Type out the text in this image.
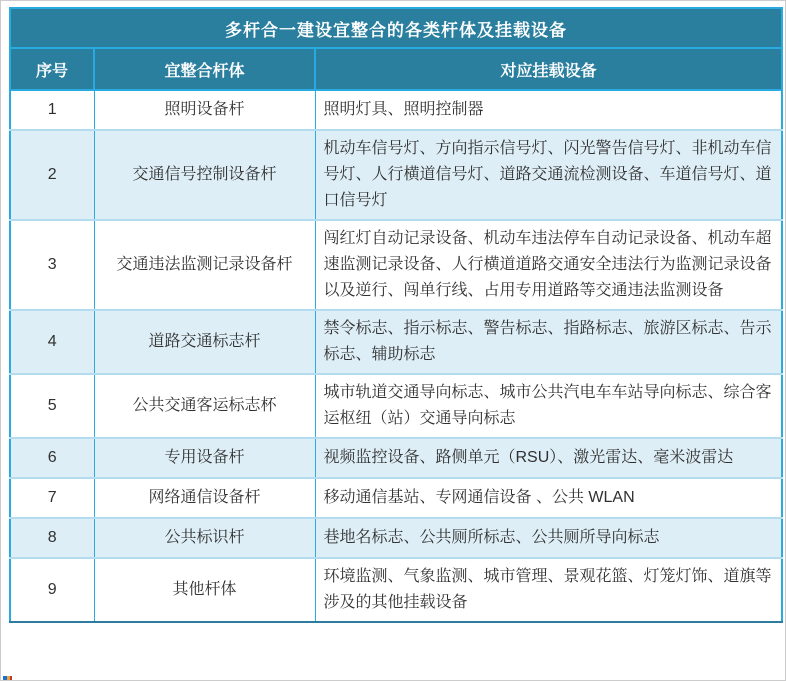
多杆合一建设宜整合的各类杆体及挂载设备		
序号	宜整合杆体	对应挂载设备
1	照明设备杆	照明灯具、照明控制器
2	交通信号控制设备杆	机动车信号灯、方向指示信号灯、闪光警告信号灯、非机动车信号灯、人行横道信号灯、道路交通流检测设备、车道信号灯、道口信号灯
3	交通违法监测记录设备杆	闯红灯自动记录设备、机动车违法停车自动记录设备、机动车超速监测记录设备、人行横道道路交通安全违法行为监测记录设备以及逆行、闯单行线、占用专用道路等交通违法监测设备
4	道路交通标志杆	禁令标志、指示标志、警告标志、指路标志、旅游区标志、告示标志、辅助标志
5	公共交通客运标志杯	城市轨道交通导向标志、城市公共汽电车车站导向标志、综合客运枢纽（站）交通导向标志
6	专用设备杆	视频监控设备、路侧单元（RSU）、激光雷达、毫米波雷达
7	网络通信设备杆	移动通信基站、专网通信设备 、公共 WLAN
8	公共标识杆	巷地名标志、公共厕所标志、公共厕所导向标志
9	其他杆体	环境监测、气象监测、城市管理、景观花篮、灯笼灯饰、道旗等涉及的其他挂载设备
